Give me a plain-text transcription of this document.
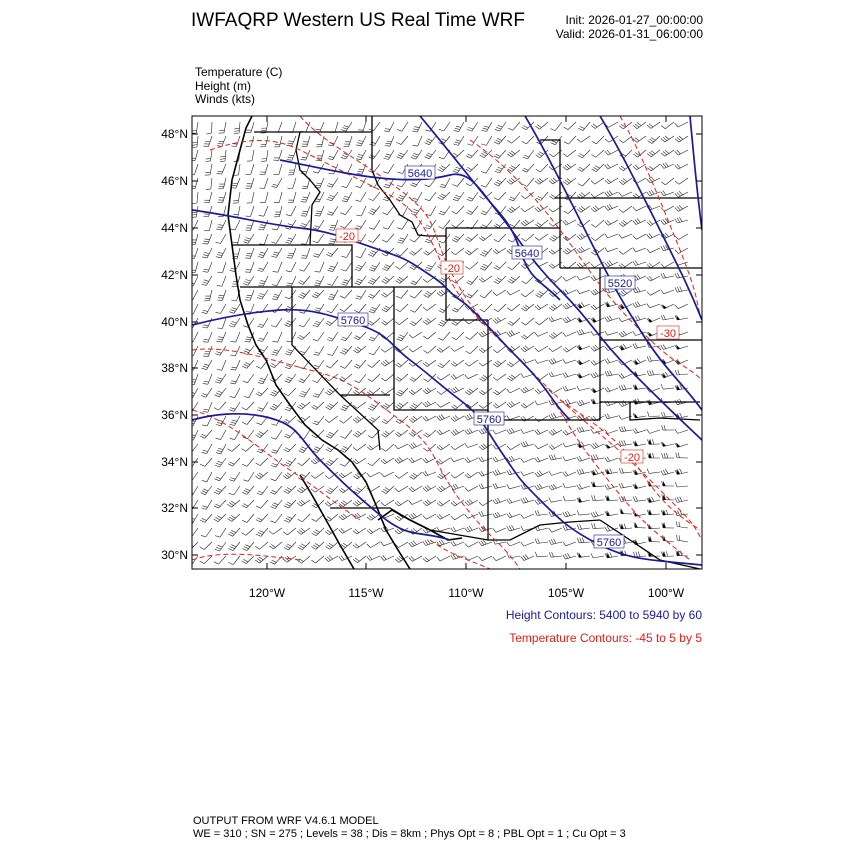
IWFAQRP Western US Real Time WRF	Init: 2026-01-27_00:00:00
Valid: 2026-01-31_06:00:00
Temperature (C)
Height (m)
Winds (kts)
5640
5640
5520
5760
5760
5760
-20
-20
-30
-20
48°N
46°N
44°N
42°N
40°N
38°N
36°N
34°N
32°N
30°N
120°W	115°W	110°W	105°W	100°W
Height Contours: 5400 to 5940 by 60
Temperature Contours: -45 to 5 by 5
OUTPUT FROM WRF V4.6.1 MODEL
WE = 310 ; SN = 275 ; Levels = 38 ; Dis = 8km ; Phys Opt = 8 ; PBL Opt = 1 ; Cu Opt = 3
